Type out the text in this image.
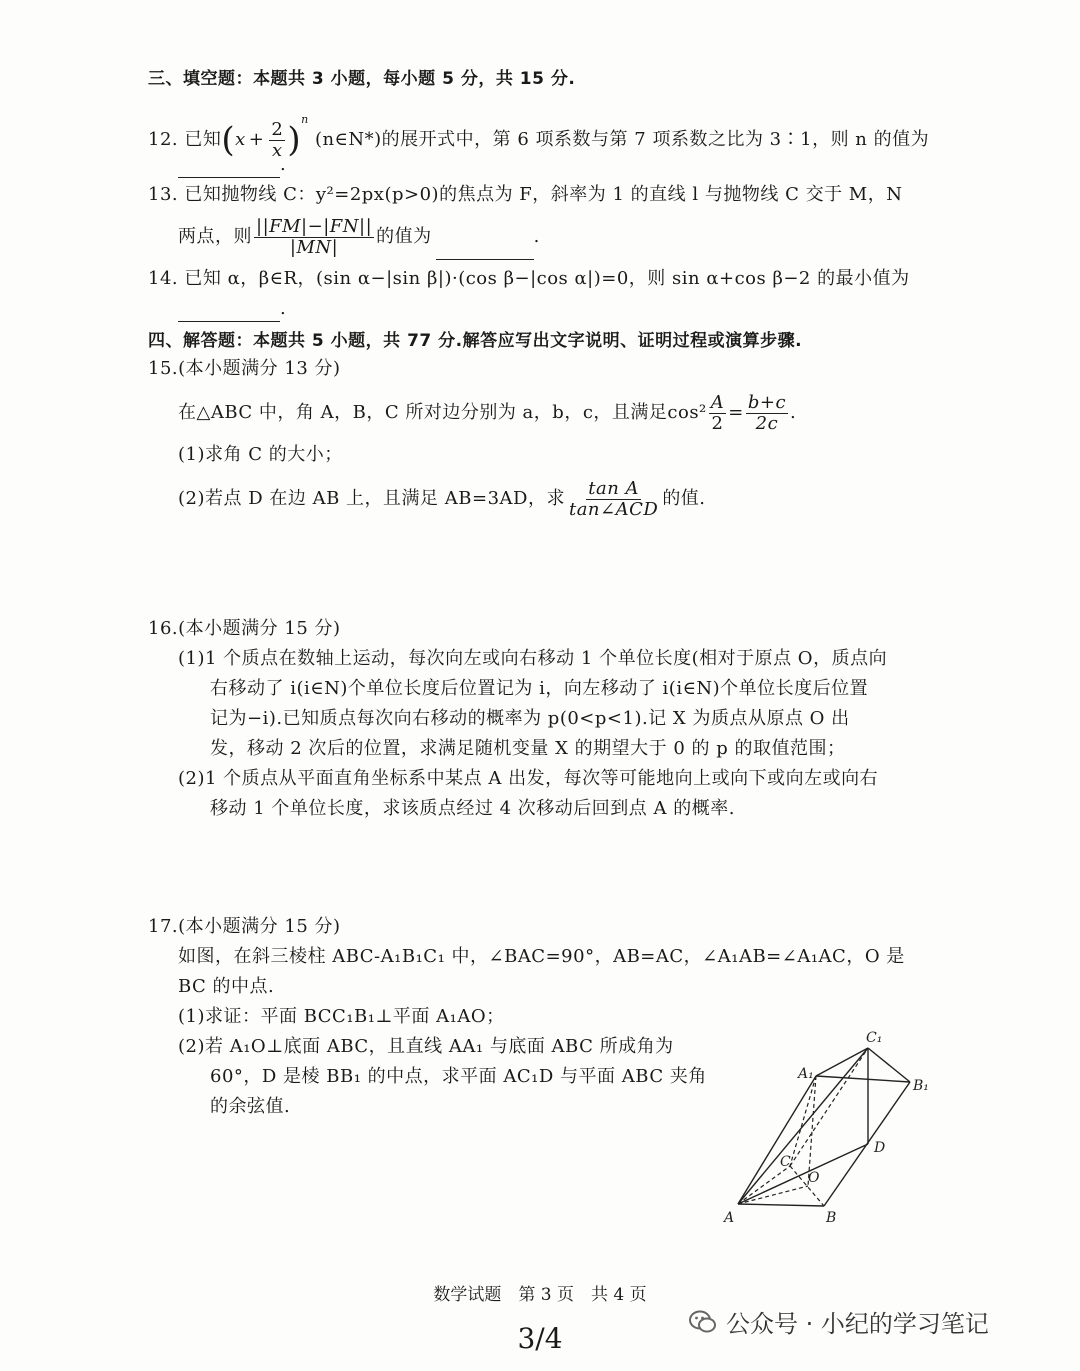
三、填空题：本题共 3 小题，每小题 5 分，共 15 分.
12. 已知$(x + \frac{2}{x} )^n$ (n∈N*)的展开式中，第 6 项系数与第 7 项系数之比为 3∶1，则 n 的值为
.
13. 已知抛物线 C：y²=2px(p>0)的焦点为 F，斜率为 1 的直线 l 与抛物线 C 交于 M，N
两点，则 $\frac{||FM|-|FN||}{|MN|}$ 的值为	.
14. 已知 α，β∈R，(sin α−|sin β|)·(cos β−|cos α|)=0，则 sin α+cos β−2 的最小值为
.
四、解答题：本题共 5 小题，共 77 分.解答应写出文字说明、证明过程或演算步骤.
15.(本小题满分 13 分)
在△ABC 中，角 A，B，C 所对边分别为 a，b，c，且满足$\cos^2 \frac{A}{2} = \frac{b+c}{2c}$ .
(1)求角 C 的大小；
(2)若点 D 在边 AB 上，且满足 AB=3AD，求 $\frac{\text{tan A}}{\text{tan∠ACD}}$ 的值.
16.(本小题满分 15 分)
(1)1 个质点在数轴上运动，每次向左或向右移动 1 个单位长度(相对于原点 O，质点向
右移动了 i(i∈N)个单位长度后位置记为 i，向左移动了 i(i∈N)个单位长度后位置
记为−i).已知质点每次向右移动的概率为 p(0<p<1).记 X 为质点从原点 O 出
发，移动 2 次后的位置，求满足随机变量 X 的期望大于 0 的 p 的取值范围；
(2)1 个质点从平面直角坐标系中某点 A 出发，每次等可能地向上或向下或向左或向右
移动 1 个单位长度，求该质点经过 4 次移动后回到点 A 的概率.
17.(本小题满分 15 分)
如图，在斜三棱柱 ABC-A₁B₁C₁ 中，∠BAC=90°，AB=AC，∠A₁AB=∠A₁AC，O 是
BC 的中点.
(1)求证：平面 BCC₁B₁⊥平面 A₁AO；
(2)若 A₁O⊥底面 ABC，且直线 AA₁ 与底面 ABC 所成角为
60°，D 是棱 BB₁ 的中点，求平面 AC₁D 与平面 ABC 夹角
的余弦值.
C₁
A₁
B₁
D
C
O
A	B
数学试题　第 3 页　共 4 页
公众号 · 小纪的学习笔记
3/4
